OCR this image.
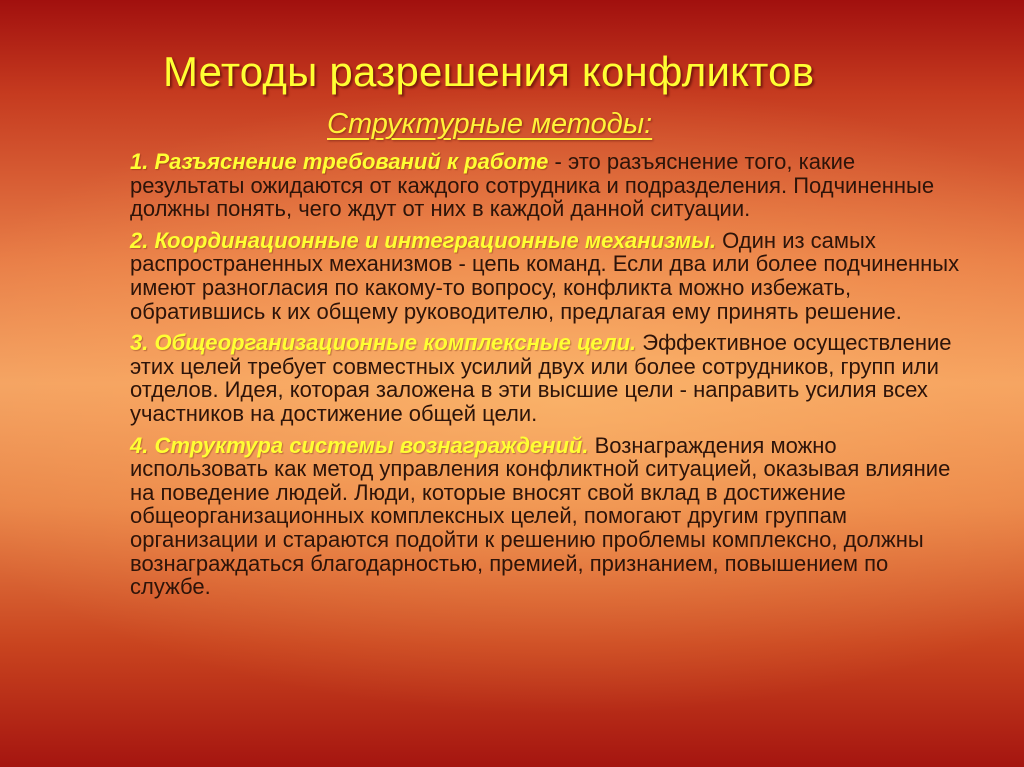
Методы разрешения конфликтов
Структурные методы:
1. Разъяснение требований к работе - это разъяснение того, какие результаты ожидаются от каждого сотрудника и подразделения. Подчиненные должны понять, чего ждут от них в каждой данной ситуации.
2. Координационные и интеграционные механизмы. Один из самых распространенных механизмов - цепь команд. Если два или более подчиненных имеют разногласия по какому-то вопросу, конфликта можно избежать, обратившись к их общему руководителю, предлагая ему принять решение.
3. Общеорганизационные комплексные цели. Эффективное осуществление этих целей требует совместных усилий двух или более сотрудников, групп или отделов. Идея, которая заложена в эти высшие цели - направить усилия всех участников на достижение общей цели.
4. Структура системы вознаграждений. Вознаграждения можно использовать как метод управления конфликтной ситуацией, оказывая влияние на поведение людей. Люди, которые вносят свой вклад в достижение общеорганизационных комплексных целей, помогают другим группам организации и стараются подойти к решению проблемы комплексно, должны вознаграждаться благодарностью, премией, признанием, повышением по службе.
